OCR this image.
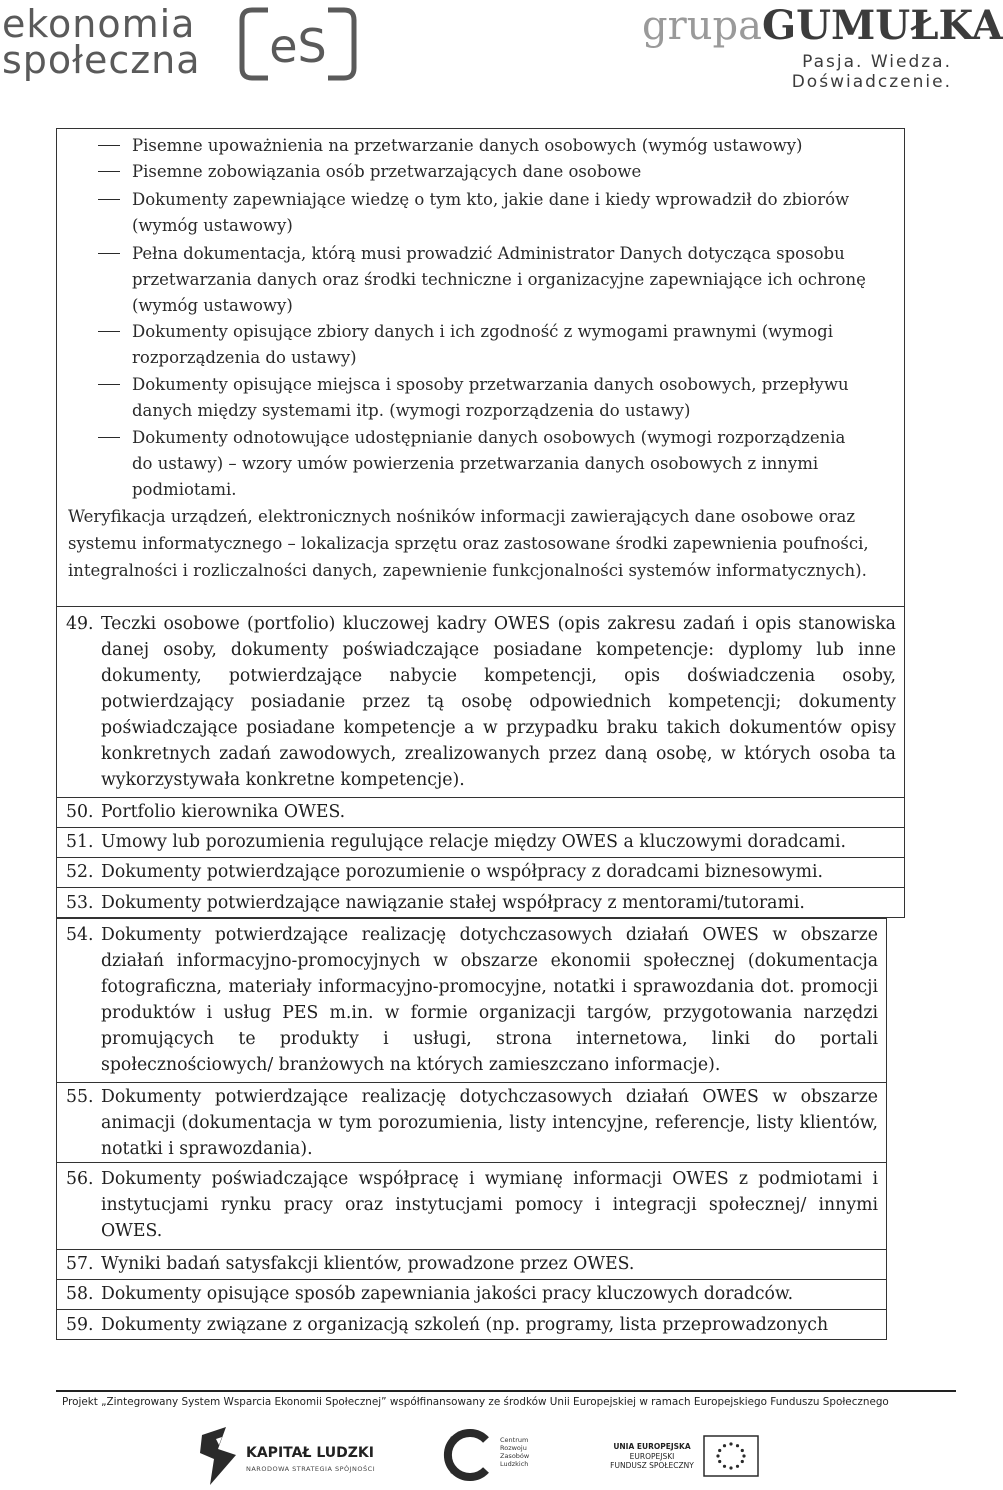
ekonomia
społeczna eS	grupaGUMUŁKA
Pasja. Wiedza. Doświadczenie.
Pisemne upoważnienia na przetwarzanie danych osobowych (wymóg ustawowy)
Pisemne zobowiązania osób przetwarzających dane osobowe
Dokumenty zapewniające wiedzę o tym kto, jakie dane i kiedy wprowadził do zbiorów
(wymóg ustawowy)
Pełna dokumentacja, którą musi prowadzić Administrator Danych dotycząca sposobu
przetwarzania danych oraz środki techniczne i organizacyjne zapewniające ich ochronę
(wymóg ustawowy)
Dokumenty opisujące zbiory danych i ich zgodność z wymogami prawnymi (wymogi
rozporządzenia do ustawy)
Dokumenty opisujące miejsca i sposoby przetwarzania danych osobowych, przepływu
danych między systemami itp. (wymogi rozporządzenia do ustawy)
Dokumenty odnotowujące udostępnianie danych osobowych (wymogi rozporządzenia
do ustawy) – wzory umów powierzenia przetwarzania danych osobowych z innymi
podmiotami.
Weryfikacja urządzeń, elektronicznych nośników informacji zawierających dane osobowe oraz
systemu informatycznego – lokalizacja sprzętu oraz zastosowane środki zapewnienia poufności,
integralności i rozliczalności danych, zapewnienie funkcjonalności systemów informatycznych).
49. Teczki osobowe (portfolio) kluczowej kadry OWES (opis zakresu zadań i opis stanowiska danej osoby, dokumenty poświadczające posiadane kompetencje: dyplomy lub inne dokumenty, potwierdzające nabycie kompetencji, opis doświadczenia osoby, potwierdzający posiadanie przez tą osobę odpowiednich kompetencji; dokumenty poświadczające posiadane kompetencje a w przypadku braku takich dokumentów opisy konkretnych zadań zawodowych, zrealizowanych przez daną osobę, w których osoba ta wykorzystywała konkretne kompetencje).
50. Portfolio kierownika OWES.
51. Umowy lub porozumienia regulujące relacje między OWES a kluczowymi doradcami.
52. Dokumenty potwierdzające porozumienie o współpracy z doradcami biznesowymi.
53. Dokumenty potwierdzające nawiązanie stałej współpracy z mentorami/tutorami.
54. Dokumenty potwierdzające realizację dotychczasowych działań OWES w obszarze działań informacyjno-promocyjnych w obszarze ekonomii społecznej (dokumentacja fotograficzna, materiały informacyjno-promocyjne, notatki i sprawozdania dot. promocji produktów i usług PES m.in. w formie organizacji targów, przygotowania narzędzi promujących te produkty i usługi, strona internetowa, linki do portali społecznościowych/ branżowych na których zamieszczano informacje).
55. Dokumenty potwierdzające realizację dotychczasowych działań OWES w obszarze animacji (dokumentacja w tym porozumienia, listy intencyjne, referencje, listy klientów, notatki i sprawozdania).
56. Dokumenty poświadczające współpracę i wymianę informacji OWES z podmiotami i instytucjami rynku pracy oraz instytucjami pomocy i integracji społecznej/ innymi OWES.
57. Wyniki badań satysfakcji klientów, prowadzone przez OWES.
58. Dokumenty opisujące sposób zapewniania jakości pracy kluczowych doradców.
59. Dokumenty związane z organizacją szkoleń (np. programy, lista przeprowadzonych
Projekt „Zintegrowany System Wsparcia Ekonomii Społecznej” współfinansowany ze środków Unii Europejskiej w ramach Europejskiego Funduszu Społecznego
KAPITAŁ LUDZKI
NARODOWA STRATEGIA SPÓJNOŚCI
Centrum
Rozwoju
Zasobów
Ludzkich
UNIA EUROPEJSKA
EUROPEJSKI
FUNDUSZ SPOŁECZNY
